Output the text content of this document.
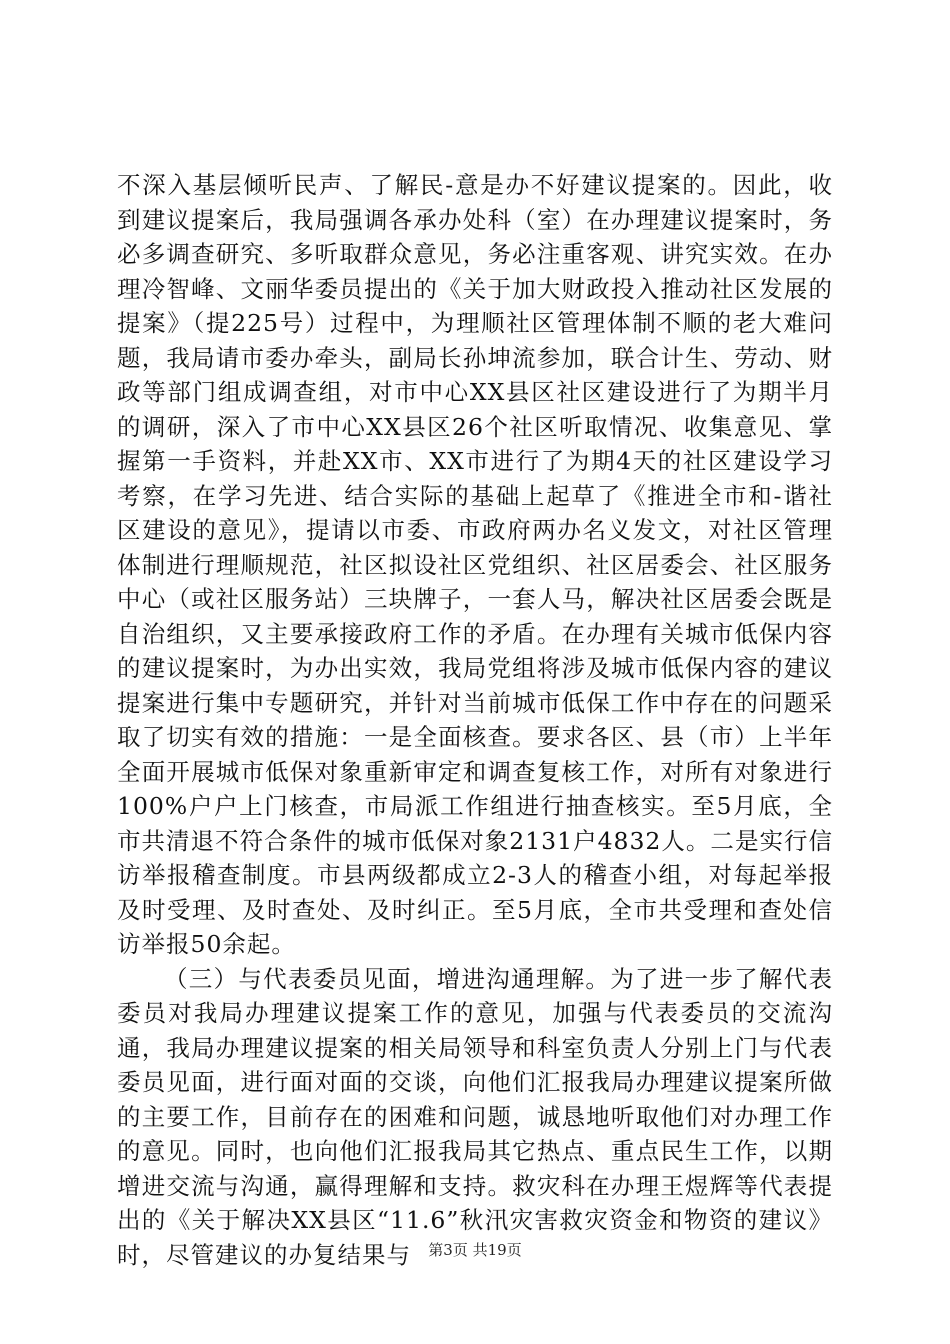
不深入基层倾听民声、了解民-意是办不好建议提案的。因此，收到建议提案后，我局强调各承办处科（室）在办理建议提案时，务必多调查研究、多听取群众意见，务必注重客观、讲究实效。在办理冷智峰、文丽华委员提出的《关于加大财政投入推动社区发展的提案》（提225号）过程中，为理顺社区管理体制不顺的老大难问题，我局请市委办牵头，副局长孙坤流参加，联合计生、劳动、财政等部门组成调查组，对市中心XX县区社区建设进行了为期半月的调研，深入了市中心XX县区26个社区听取情况、收集意见、掌握第一手资料，并赴XX市、XX市进行了为期4天的社区建设学习考察，在学习先进、结合实际的基础上起草了《推进全市和-谐社区建设的意见》，提请以市委、市政府两办名义发文，对社区管理体制进行理顺规范，社区拟设社区党组织、社区居委会、社区服务中心（或社区服务站）三块牌子，一套人马，解决社区居委会既是自治组织，又主要承接政府工作的矛盾。在办理有关城市低保内容的建议提案时，为办出实效，我局党组将涉及城市低保内容的建议提案进行集中专题研究，并针对当前城市低保工作中存在的问题采取了切实有效的措施：一是全面核查。要求各区、县（市）上半年全面开展城市低保对象重新审定和调查复核工作，对所有对象进行100%户户上门核查，市局派工作组进行抽查核实。至5月底，全市共清退不符合条件的城市低保对象2131户4832人。二是实行信访举报稽查制度。市县两级都成立2-3人的稽查小组，对每起举报及时受理、及时查处、及时纠正。至5月底，全市共受理和查处信访举报50余起。

（三）与代表委员见面，增进沟通理解。为了进一步了解代表委员对我局办理建议提案工作的意见，加强与代表委员的交流沟通，我局办理建议提案的相关局领导和科室负责人分别上门与代表委员见面，进行面对面的交谈，向他们汇报我局办理建议提案所做的主要工作，目前存在的困难和问题，诚恳地听取他们对办理工作的意见。同时，也向他们汇报我局其它热点、重点民生工作，以期增进交流与沟通，赢得理解和支持。救灾科在办理王煜辉等代表提出的《关于解决XX县区“11.6”秋汛灾害救灾资金和物资的建议》时，尽管建议的办复结果与	第3页 共19页
